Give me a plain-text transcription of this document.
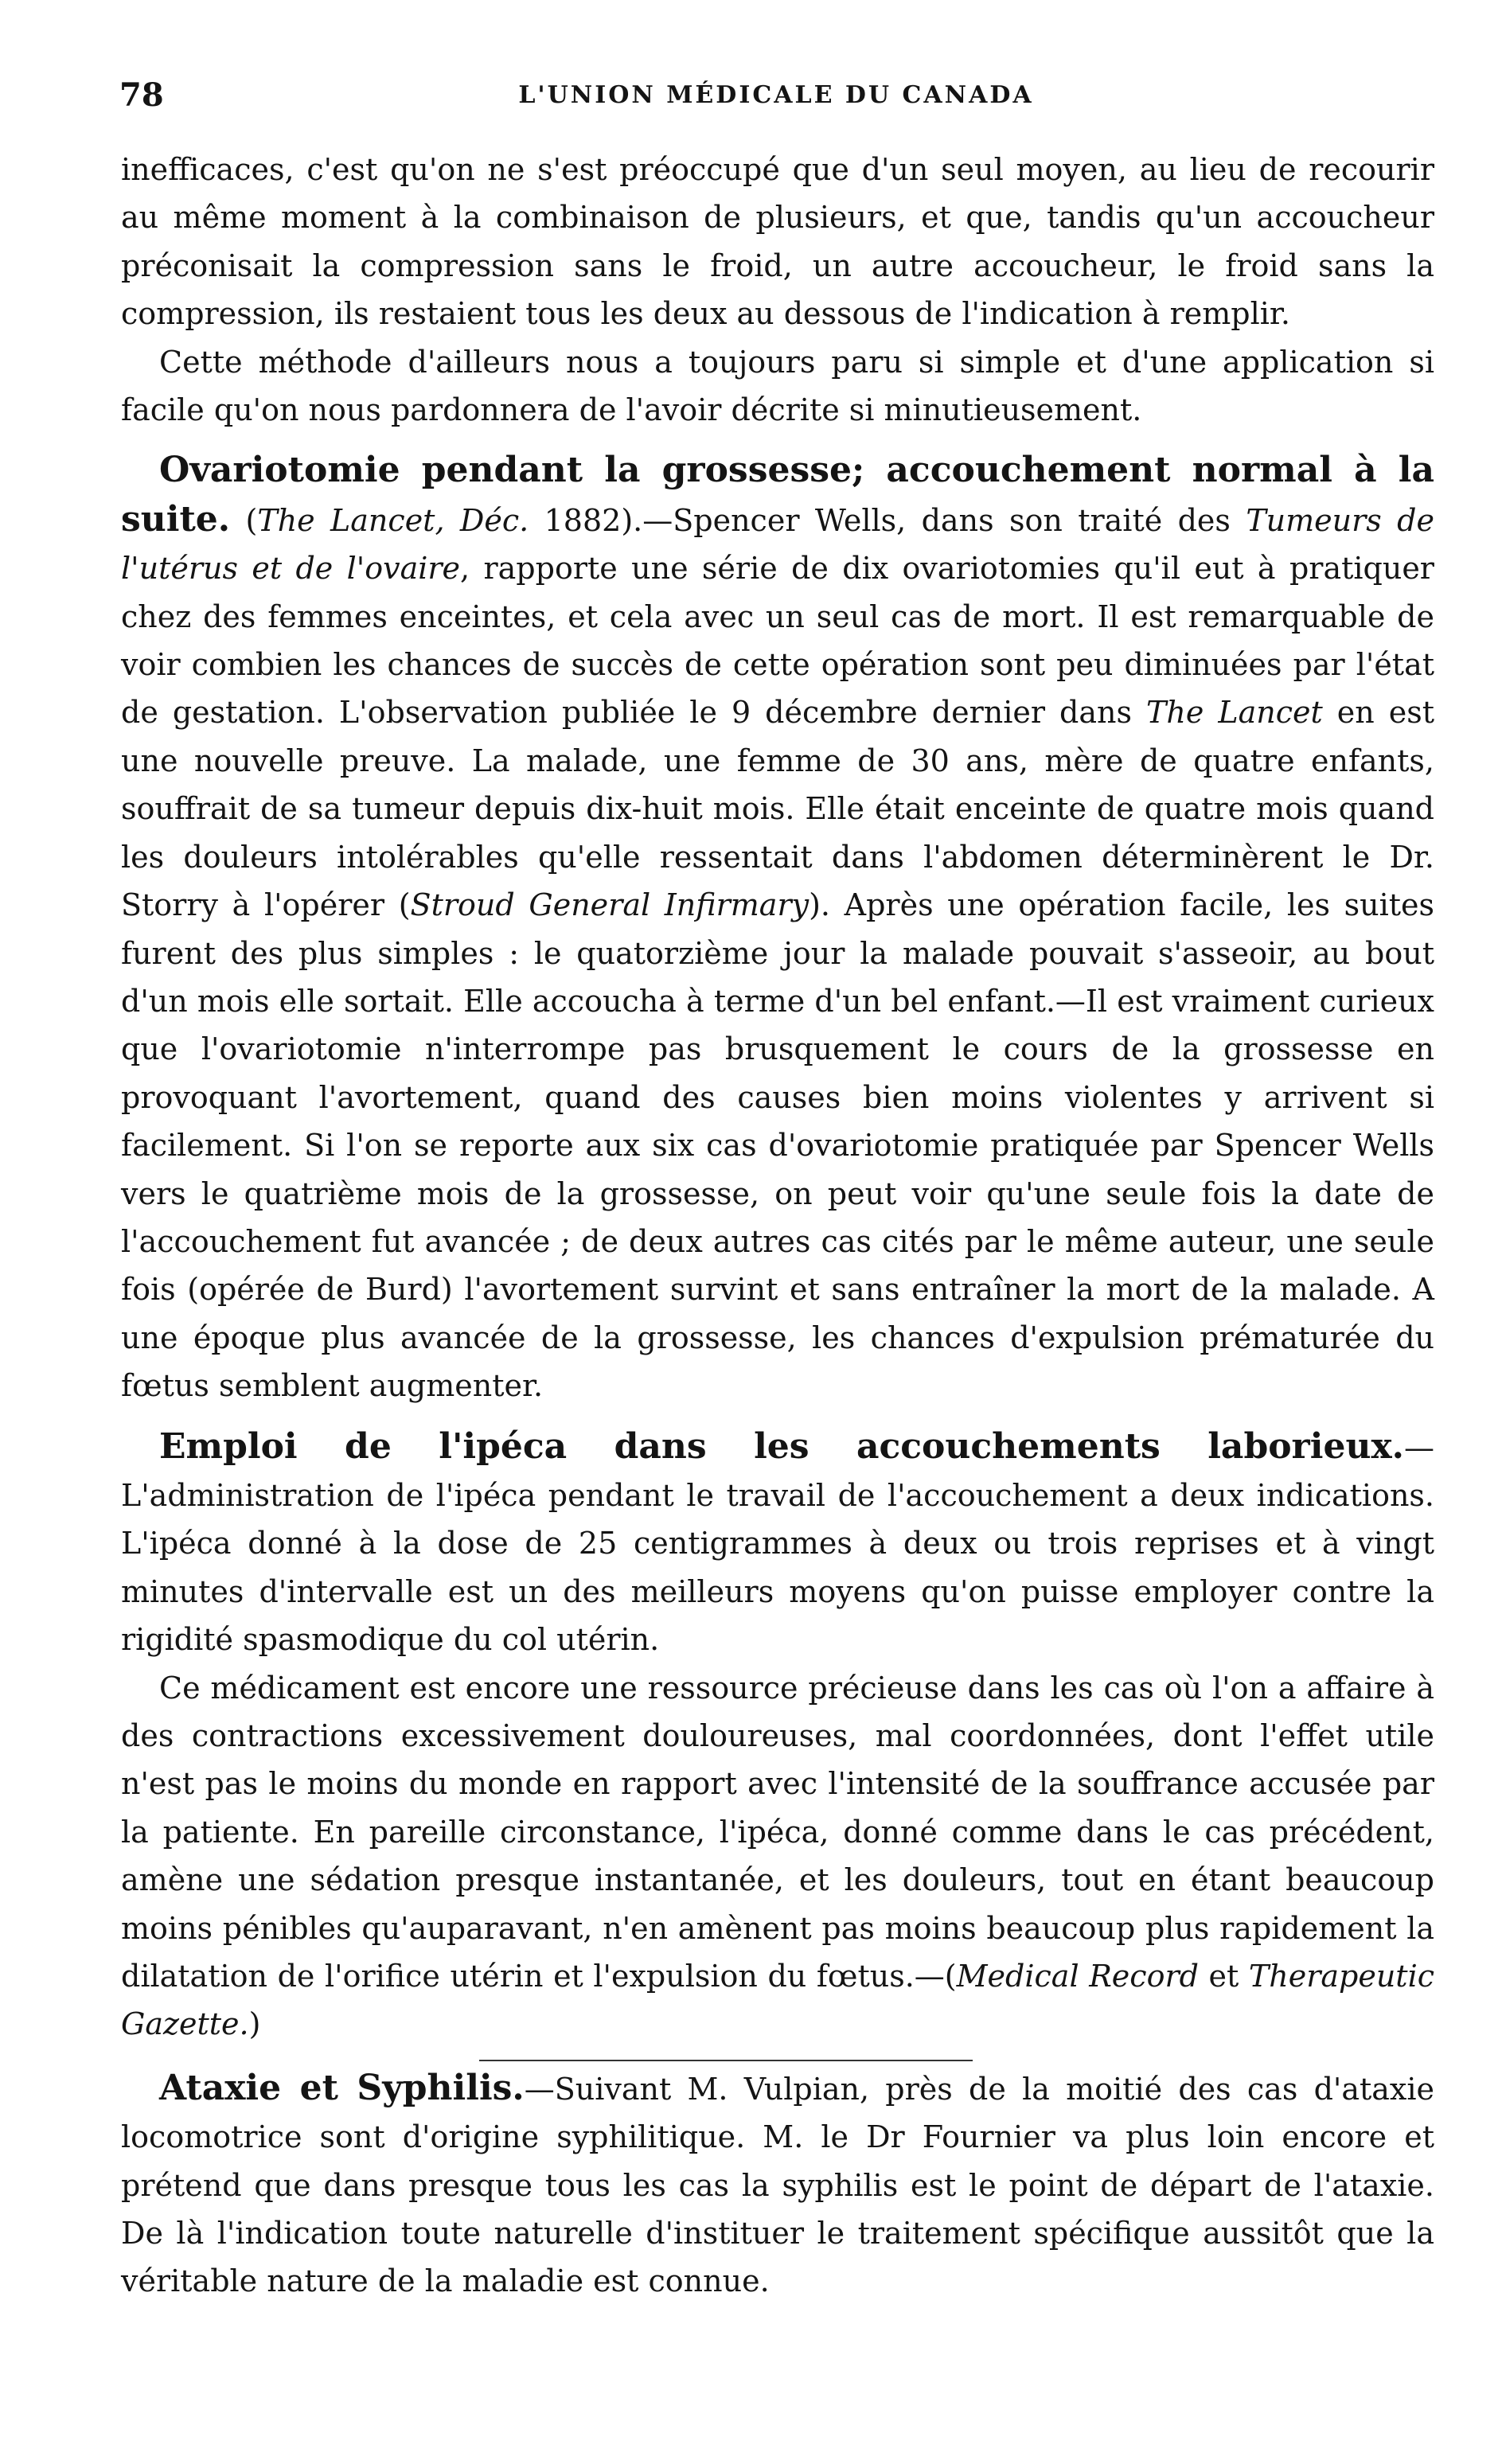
78	L'UNION MÉDICALE DU CANADA

inefficaces, c'est qu'on ne s'est préoccupé que d'un seul moyen, au lieu de recourir au même moment à la combinaison de plusieurs, et que, tandis qu'un accoucheur préconisait la compression sans le froid, un autre accoucheur, le froid sans la compression, ils restaient tous les deux au dessous de l'indication à remplir.

Cette méthode d'ailleurs nous a toujours paru si simple et d'une application si facile qu'on nous pardonnera de l'avoir décrite si minutieusement.

Ovariotomie pendant la grossesse; accouchement normal à la suite. (The Lancet, Déc. 1882).—Spencer Wells, dans son traité des Tumeurs de l'utérus et de l'ovaire, rapporte une série de dix ovariotomies qu'il eut à pratiquer chez des femmes enceintes, et cela avec un seul cas de mort. Il est remarquable de voir combien les chances de succès de cette opération sont peu diminuées par l'état de gestation. L'observation publiée le 9 décembre dernier dans The Lancet en est une nouvelle preuve. La malade, une femme de 30 ans, mère de quatre enfants, souffrait de sa tumeur depuis dix-huit mois. Elle était enceinte de quatre mois quand les douleurs intolérables qu'elle ressentait dans l'abdomen déterminèrent le Dr. Storry à l'opérer (Stroud General Infirmary). Après une opération facile, les suites furent des plus simples : le quatorzième jour la malade pouvait s'asseoir, au bout d'un mois elle sortait. Elle accoucha à terme d'un bel enfant.—Il est vraiment curieux que l'ovariotomie n'interrompe pas brusquement le cours de la grossesse en provoquant l'avortement, quand des causes bien moins violentes y arrivent si facilement. Si l'on se reporte aux six cas d'ovariotomie pratiquée par Spencer Wells vers le quatrième mois de la grossesse, on peut voir qu'une seule fois la date de l'accouchement fut avancée ; de deux autres cas cités par le même auteur, une seule fois (opérée de Burd) l'avortement survint et sans entraîner la mort de la malade. A une époque plus avancée de la grossesse, les chances d'expulsion prématurée du fœtus semblent augmenter.

Emploi de l'ipéca dans les accouchements laborieux.—L'administration de l'ipéca pendant le travail de l'accouchement a deux indications. L'ipéca donné à la dose de 25 centigrammes à deux ou trois reprises et à vingt minutes d'intervalle est un des meilleurs moyens qu'on puisse employer contre la rigidité spasmodique du col utérin.

Ce médicament est encore une ressource précieuse dans les cas où l'on a affaire à des contractions excessivement douloureuses, mal coordonnées, dont l'effet utile n'est pas le moins du monde en rapport avec l'intensité de la souffrance accusée par la patiente. En pareille circonstance, l'ipéca, donné comme dans le cas précédent, amène une sédation presque instantanée, et les douleurs, tout en étant beaucoup moins pénibles qu'auparavant, n'en amènent pas moins beaucoup plus rapidement la dilatation de l'orifice utérin et l'expulsion du fœtus.—(Medical Record et Therapeutic Gazette.)

Ataxie et Syphilis.—Suivant M. Vulpian, près de la moitié des cas d'ataxie locomotrice sont d'origine syphilitique. M. le Dr Fournier va plus loin encore et prétend que dans presque tous les cas la syphilis est le point de départ de l'ataxie. De là l'indication toute naturelle d'instituer le traitement spécifique aussitôt que la véritable nature de la maladie est connue.
